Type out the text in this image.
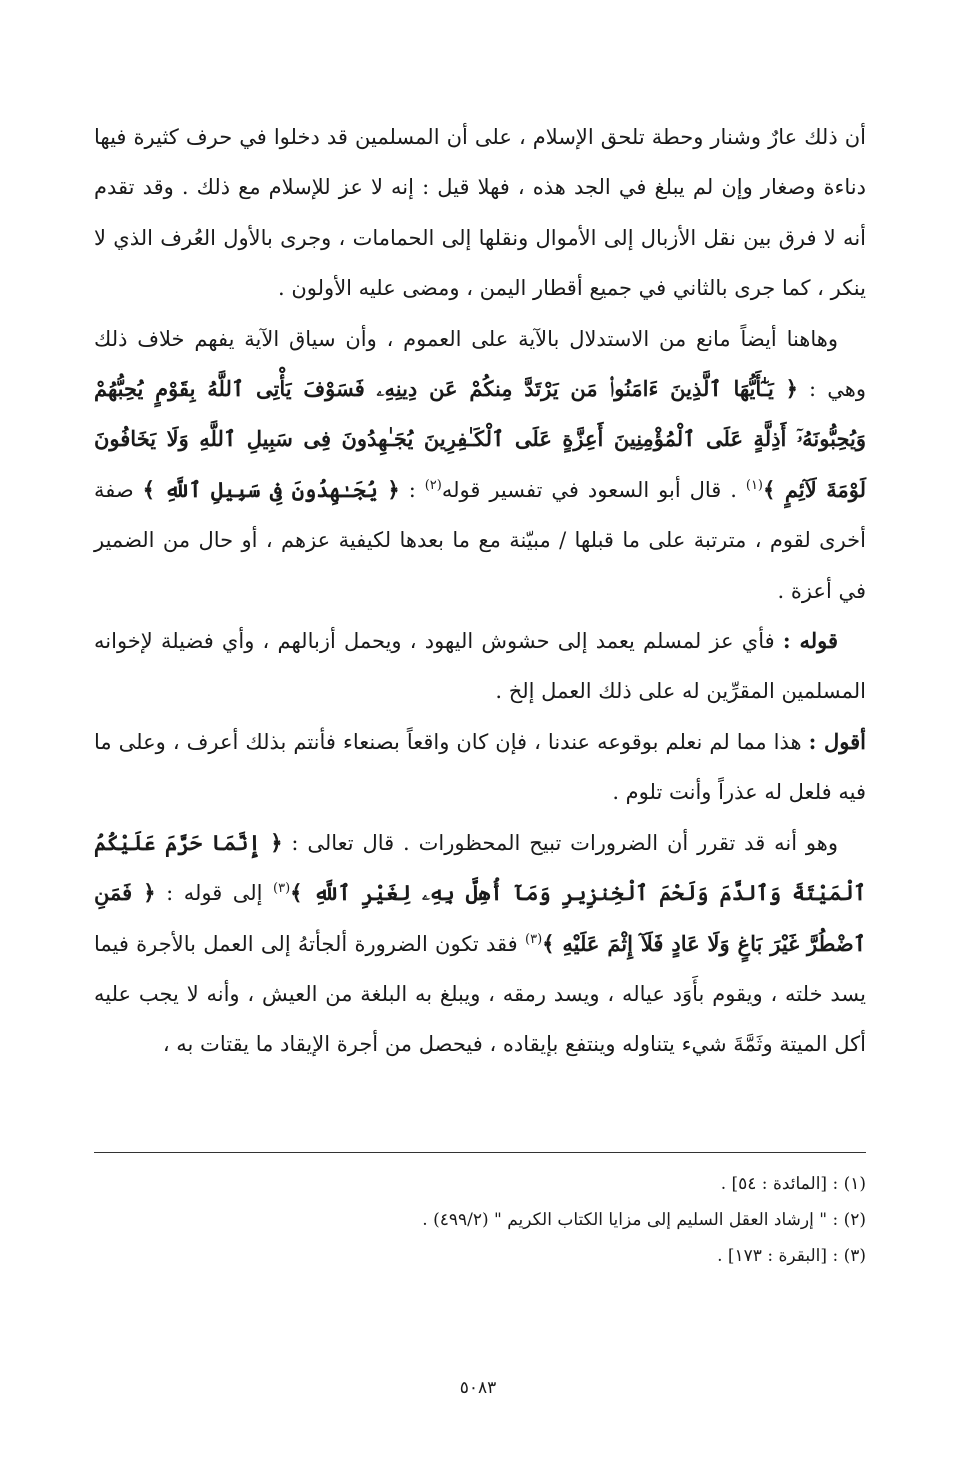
أن ذلك عارٌ وشنار وحطة تلحق الإسلام ، على أن المسلمين قد دخلوا في حرف كثيرة فيها دناءة وصغار وإن لم يبلغ في الجد هذه ، فهلا قيل : إنه لا عز للإسلام مع ذلك . وقد تقدم أنه لا فرق بين نقل الأزبال إلى الأموال ونقلها إلى الحمامات ، وجرى بالأول العُرف الذي لا ينكر ، كما جرى بالثاني في جميع أقطار اليمن ، ومضى عليه الأولون .

وهاهنا أيضاً مانع من الاستدلال بالآية على العموم ، وأن سياق الآية يفهم خلاف ذلك وهي : ﴿ يَـٰٓأَيُّهَا ٱلَّذِينَ ءَامَنُوا۟ مَن يَرْتَدَّ مِنكُمْ عَن دِينِهِۦ فَسَوْفَ يَأْتِى ٱللَّهُ بِقَوْمٍ يُحِبُّهُمْ وَيُحِبُّونَهُۥٓ أَذِلَّةٍ عَلَى ٱلْمُؤْمِنِينَ أَعِزَّةٍ عَلَى ٱلْكَـٰفِرِينَ يُجَـٰهِدُونَ فِى سَبِيلِ ٱللَّهِ وَلَا يَخَافُونَ لَوْمَةَ لَآئِمٍ ﴾$^{(١)}$ . قال أبو السعود في تفسير قوله$^{(٢)}$ : ﴿ يُجَـٰهِدُونَ فِى سَبِيلِ ٱللَّهِ ﴾ صفة أخرى لقوم ، مترتبة على ما قبلها / مبيّنة مع ما بعدها لكيفية عزهم ، أو حال من الضمير في أعزة .

قوله : فأي عز لمسلم يعمد إلى حشوش اليهود ، ويحمل أزبالهم ، وأي فضيلة لإخوانه المسلمين المقرِّين له على ذلك العمل إلخ .

أقول : هذا مما لم نعلم بوقوعه عندنا ، فإن كان واقعاً بصنعاء فأنتم بذلك أعرف ، وعلى ما فيه فلعل له عذراً وأنت تلوم .

وهو أنه قد تقرر أن الضرورات تبيح المحظورات . قال تعالى : ﴿ إِنَّمَا حَرَّمَ عَلَيْكُمُ ٱلْمَيْتَةَ وَٱلدَّمَ وَلَحْمَ ٱلْخِنزِيرِ وَمَآ أُهِلَّ بِهِۦ لِغَيْرِ ٱللَّهِ ﴾$^{(٣)}$ إلى قوله : ﴿ فَمَنِ ٱضْطُرَّ غَيْرَ بَاغٍ وَلَا عَادٍ فَلَآ إِثْمَ عَلَيْهِ ﴾$^{(٣)}$ فقد تكون الضرورة ألجأتهُ إلى العمل بالأجرة فيما يسد خلته ، ويقوم بأَوَد عياله ، ويسد رمقه ، ويبلغ به البلغة من العيش ، وأنه لا يجب عليه أكل الميتة وثَمَّةَ شيء يتناوله وينتفع بإيقاده ، فيحصل من أجرة الإيقاد ما يقتات به ،

(١) : [المائدة : ٥٤] .
(٢) : " إرشاد العقل السليم إلى مزايا الكتاب الكريم " (٤٩٩/٢) .
(٣) : [البقرة : ١٧٣] .
٥٠٨٣
